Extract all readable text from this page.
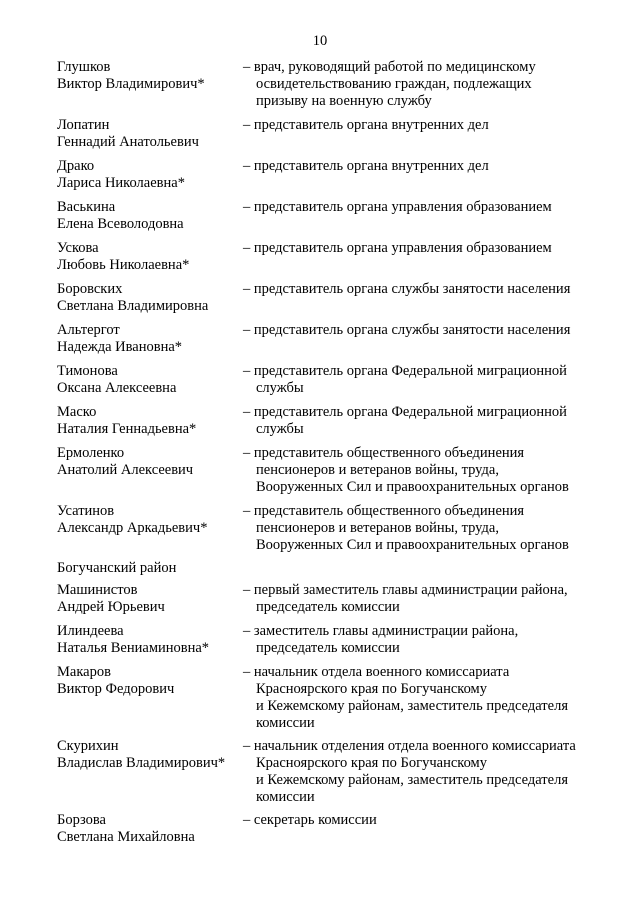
10
Богучанский район
Глушков
Виктор Владимирович*
– врач, руководящий работой по медицинскому
освидетельствованию граждан, подлежащих
призыву на военную службу
Лопатин
Геннадий Анатольевич
– представитель органа внутренних дел
Драко
Лариса Николаевна*
– представитель органа внутренних дел
Васькина
Елена Всеволодовна
– представитель органа управления образованием
Ускова
Любовь Николаевна*
– представитель органа управления образованием
Боровских
Светлана Владимировна
– представитель органа службы занятости населения
Альтергот
Надежда Ивановна*
– представитель органа службы занятости населения
Тимонова
Оксана Алексеевна
– представитель органа Федеральной миграционной
службы
Маско
Наталия Геннадьевна*
– представитель органа Федеральной миграционной
службы
Ермоленко
Анатолий Алексеевич
– представитель общественного объединения
пенсионеров и ветеранов войны, труда,
Вооруженных Сил и правоохранительных органов
Усатинов
Александр Аркадьевич*
– представитель общественного объединения
пенсионеров и ветеранов войны, труда,
Вооруженных Сил и правоохранительных органов
Машинистов
Андрей Юрьевич
– первый заместитель главы администрации района,
председатель комиссии
Илиндеева
Наталья Вениаминовна*
– заместитель главы администрации района,
председатель комиссии
Макаров
Виктор Федорович
– начальник отдела военного комиссариата
Красноярского края по Богучанскому
и Кежемскому районам, заместитель председателя
комиссии
Скурихин
Владислав Владимирович*
– начальник отделения отдела военного комиссариата
Красноярского края по Богучанскому
и Кежемскому районам, заместитель председателя
комиссии
Борзова
Светлана Михайловна
– секретарь комиссии
